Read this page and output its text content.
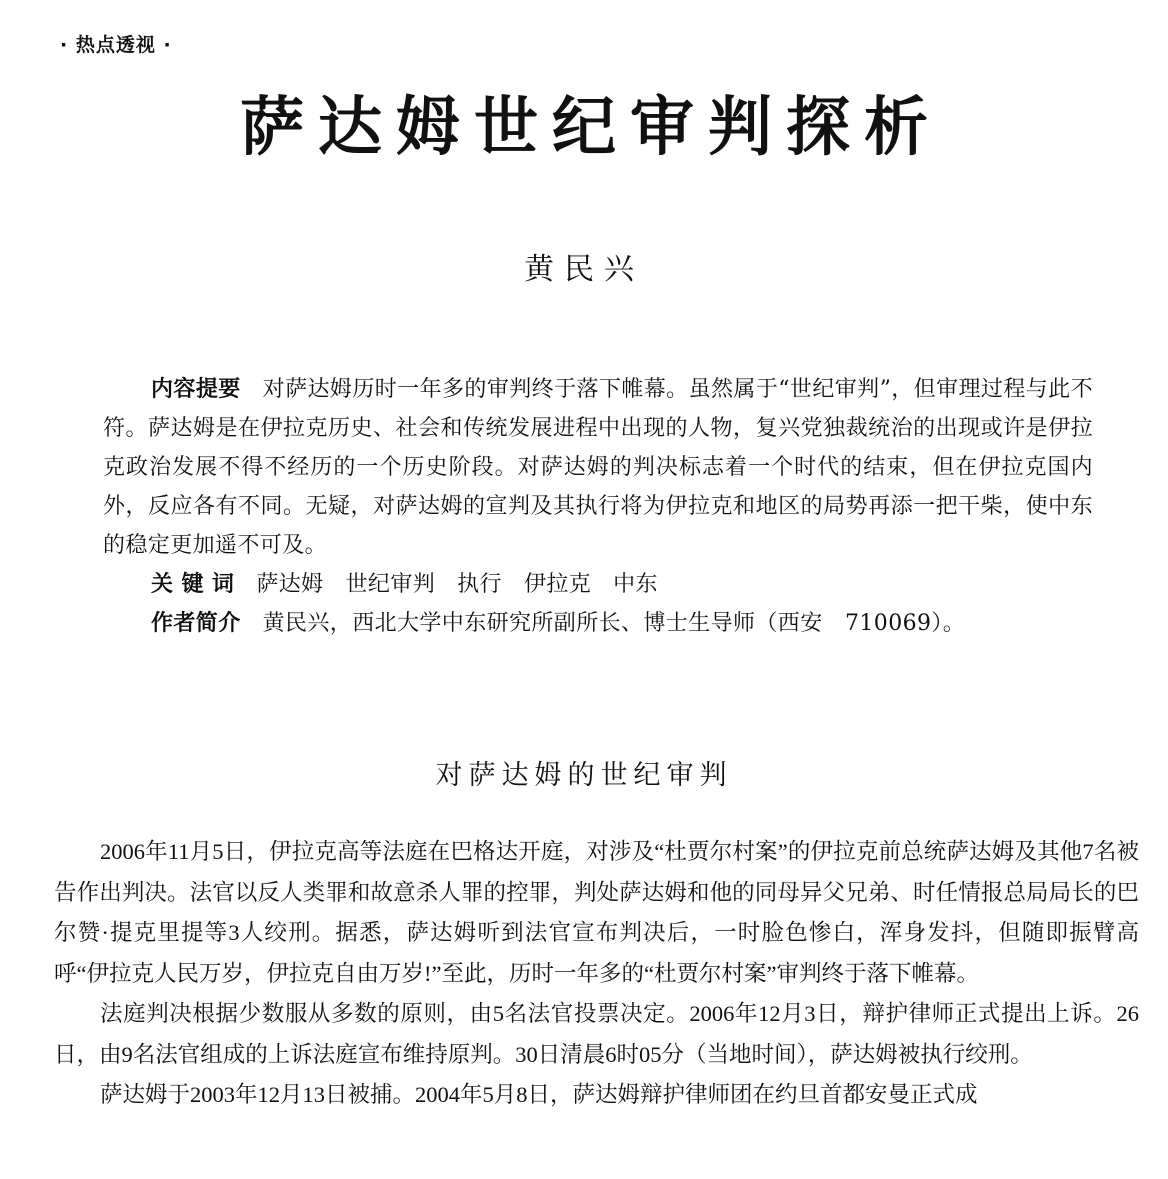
· 热点透视 ·
萨达姆世纪审判探析
黄民兴

内容提要 对萨达姆历时一年多的审判终于落下帷幕。虽然属于“世纪审判”，但审理过程与此不符。萨达姆是在伊拉克历史、社会和传统发展进程中出现的人物，复兴党独裁统治的出现或许是伊拉克政治发展不得不经历的一个历史阶段。对萨达姆的判决标志着一个时代的结束，但在伊拉克国内外，反应各有不同。无疑，对萨达姆的宣判及其执行将为伊拉克和地区的局势再添一把干柴，使中东的稳定更加遥不可及。

关 键 词 萨达姆 世纪审判 执行 伊拉克 中东

作者简介 黄民兴，西北大学中东研究所副所长、博士生导师（西安　710069）。

对萨达姆的世纪审判

2006年11月5日，伊拉克高等法庭在巴格达开庭，对涉及“杜贾尔村案”的伊拉克前总统萨达姆及其他7名被告作出判决。法官以反人类罪和故意杀人罪的控罪，判处萨达姆和他的同母异父兄弟、时任情报总局局长的巴尔赞·提克里提等3人绞刑。据悉，萨达姆听到法官宣布判决后，一时脸色惨白，浑身发抖，但随即振臂高呼“伊拉克人民万岁，伊拉克自由万岁!”至此，历时一年多的“杜贾尔村案”审判终于落下帷幕。

法庭判决根据少数服从多数的原则，由5名法官投票决定。2006年12月3日，辩护律师正式提出上诉。26日，由9名法官组成的上诉法庭宣布维持原判。30日清晨6时05分（当地时间），萨达姆被执行绞刑。

萨达姆于2003年12月13日被捕。2004年5月8日，萨达姆辩护律师团在约旦首都安曼正式成
